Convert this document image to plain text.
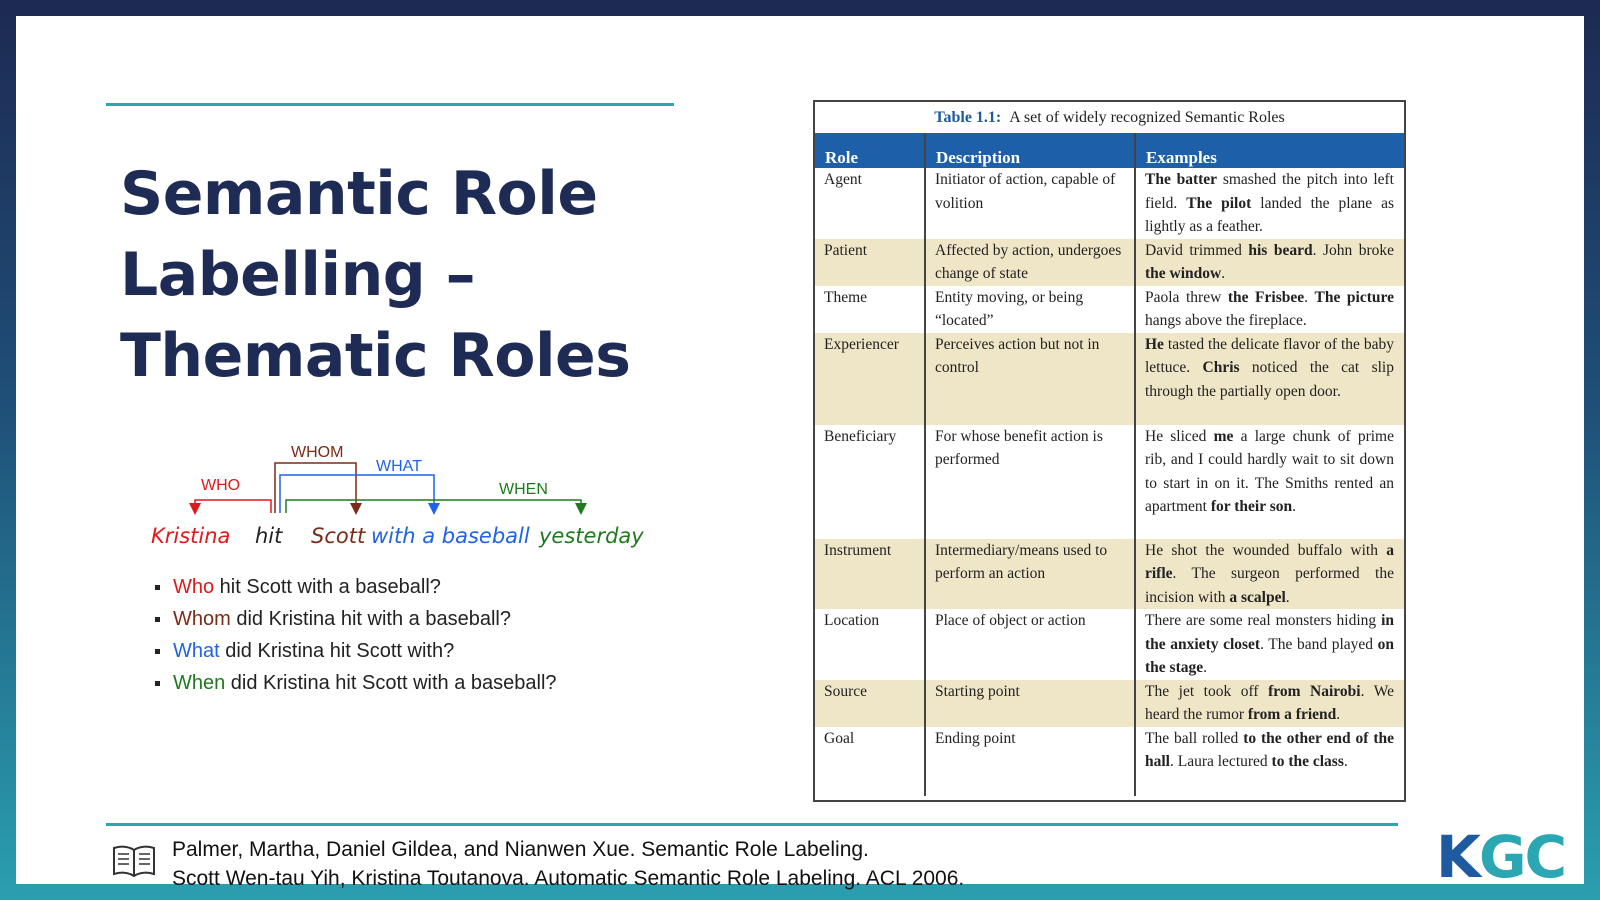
Semantic Role
Labelling –
Thematic Roles
WHO
WHOM
WHAT
WHEN
Kristina hit Scott with a baseball yesterday
Who hit Scott with a baseball?
Whom did Kristina hit with a baseball?
What did Kristina hit Scott with?
When did Kristina hit Scott with a baseball?
Table 1.1: A set of widely recognized Semantic Roles
Role	Description	Examples
Agent	Initiator of action, capable of volition	The batter smashed the pitch into left field. The pilot landed the plane as lightly as a feather.
Patient	Affected by action, undergoes change of state	David trimmed his beard. John broke the window.
Theme	Entity moving, or being “located”	Paola threw the Frisbee. The picture hangs above the fireplace.
Experiencer	Perceives action but not in control	He tasted the delicate flavor of the baby lettuce. Chris noticed the cat slip through the partially open door.
Beneficiary	For whose benefit action is performed	He sliced me a large chunk of prime rib, and I could hardly wait to sit down to start in on it. The Smiths rented an apartment for their son.
Instrument	Intermediary/means used to perform an action	He shot the wounded buffalo with a rifle. The surgeon performed the incision with a scalpel.
Location	Place of object or action	There are some real monsters hiding in the anxiety closet. The band played on the stage.
Source	Starting point	The jet took off from Nairobi. We heard the rumor from a friend.
Goal	Ending point	The ball rolled to the other end of the hall. Laura lectured to the class.
Palmer, Martha, Daniel Gildea, and Nianwen Xue. Semantic Role Labeling.
Scott Wen-tau Yih, Kristina Toutanova. Automatic Semantic Role Labeling. ACL 2006.	KGC
